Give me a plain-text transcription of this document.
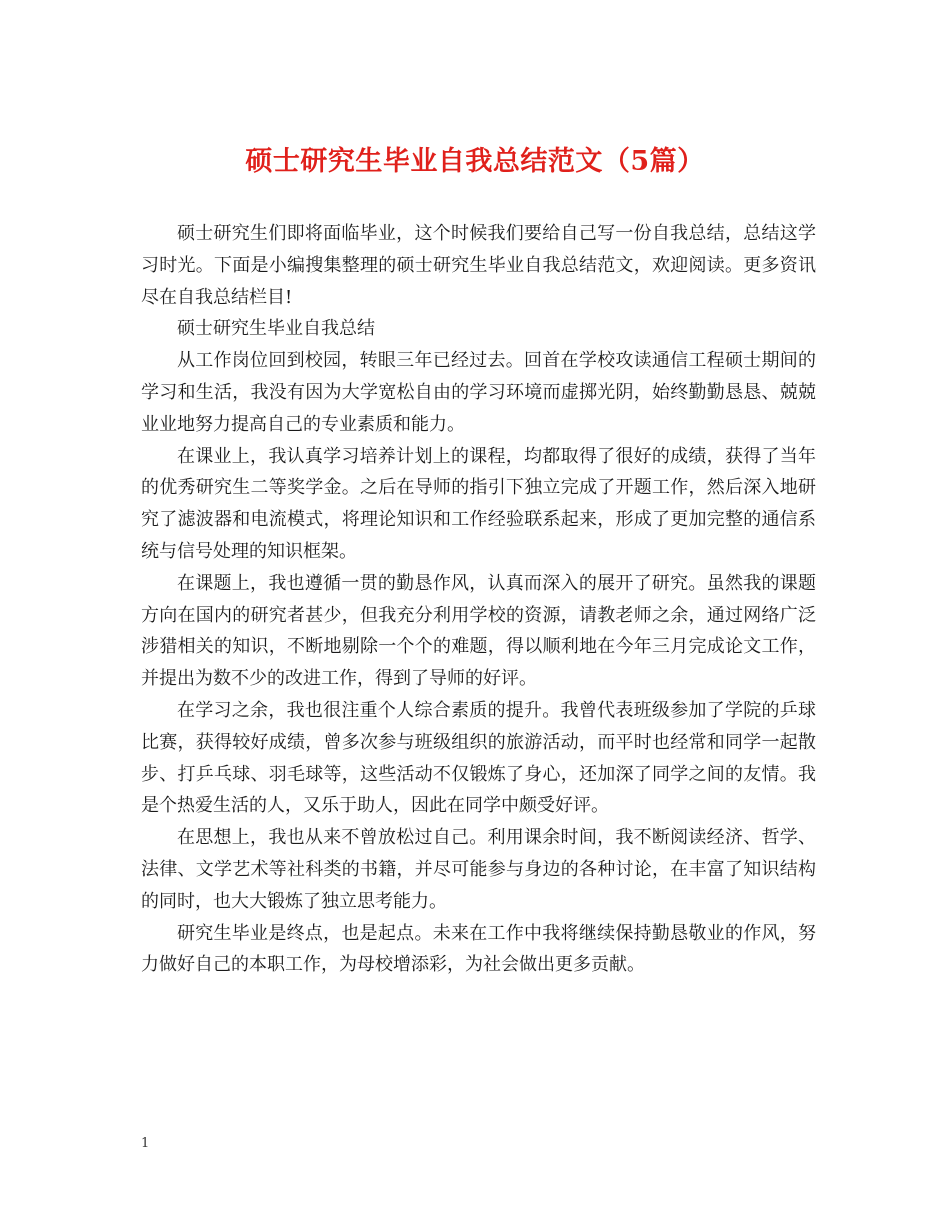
硕士研究生毕业自我总结范文（5篇）

硕士研究生们即将面临毕业，这个时候我们要给自己写一份自我总结，总结这学习时光。下面是小编搜集整理的硕士研究生毕业自我总结范文，欢迎阅读。更多资讯尽在自我总结栏目!

硕士研究生毕业自我总结

从工作岗位回到校园，转眼三年已经过去。回首在学校攻读通信工程硕士期间的学习和生活，我没有因为大学宽松自由的学习环境而虚掷光阴，始终勤勤恳恳、兢兢业业地努力提高自己的专业素质和能力。

在课业上，我认真学习培养计划上的课程，均都取得了很好的成绩，获得了当年的优秀研究生二等奖学金。之后在导师的指引下独立完成了开题工作，然后深入地研究了滤波器和电流模式，将理论知识和工作经验联系起来，形成了更加完整的通信系统与信号处理的知识框架。

在课题上，我也遵循一贯的勤恳作风，认真而深入的展开了研究。虽然我的课题方向在国内的研究者甚少，但我充分利用学校的资源，请教老师之余，通过网络广泛涉猎相关的知识，不断地剔除一个个的难题，得以顺利地在今年三月完成论文工作，并提出为数不少的改进工作，得到了导师的好评。

在学习之余，我也很注重个人综合素质的提升。我曾代表班级参加了学院的乒球比赛，获得较好成绩，曾多次参与班级组织的旅游活动，而平时也经常和同学一起散步、打乒乓球、羽毛球等，这些活动不仅锻炼了身心，还加深了同学之间的友情。我是个热爱生活的人，又乐于助人，因此在同学中颇受好评。

在思想上，我也从来不曾放松过自己。利用课余时间，我不断阅读经济、哲学、法律、文学艺术等社科类的书籍，并尽可能参与身边的各种讨论，在丰富了知识结构的同时，也大大锻炼了独立思考能力。

研究生毕业是终点，也是起点。未来在工作中我将继续保持勤恳敬业的作风，努力做好自己的本职工作，为母校增添彩，为社会做出更多贡献。

1
